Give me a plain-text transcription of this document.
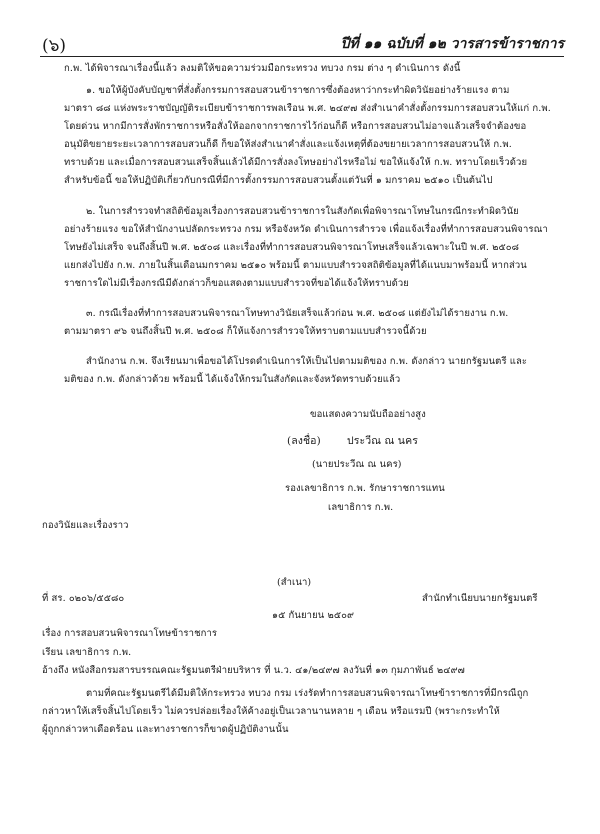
(๖)	ปีที่ ๑๑ ฉบับที่ ๑๒ วารสารข้าราชการ
ก.พ. ได้พิจารณาเรื่องนี้แล้ว ลงมติให้ขอความร่วมมือกระทรวง ทบวง กรม ต่าง ๆ ดำเนินการ ดังนี้
๑. ขอให้ผู้บังคับบัญชาที่สั่งตั้งกรรมการสอบสวนข้าราชการซึ่งต้องหาว่ากระทำผิดวินัยอย่างร้ายแรง ตาม
มาตรา ๘๘ แห่งพระราชบัญญัติระเบียบข้าราชการพลเรือน พ.ศ. ๒๔๙๗ ส่งสำเนาคำสั่งตั้งกรรมการสอบสวนให้แก่ ก.พ.
โดยด่วน หากมีการสั่งพักราชการหรือสั่งให้ออกจากราชการไว้ก่อนก็ดี หรือการสอบสวนไม่อาจแล้วเสร็จจำต้องขอ
อนุมัติขยายระยะเวลาการสอบสวนก็ดี ก็ขอให้ส่งสำเนาคำสั่งและแจ้งเหตุที่ต้องขยายเวลาการสอบสวนให้ ก.พ.
ทราบด้วย และเมื่อการสอบสวนเสร็จสิ้นแล้วได้มีการสั่งลงโทษอย่างไรหรือไม่ ขอให้แจ้งให้ ก.พ. ทราบโดยเร็วด้วย
สำหรับข้อนี้ ขอให้ปฏิบัติเกี่ยวกับกรณีที่มีการตั้งกรรมการสอบสวนตั้งแต่วันที่ ๑ มกราคม ๒๕๑๐ เป็นต้นไป
๒. ในการสำรวจทำสถิติข้อมูลเรื่องการสอบสวนข้าราชการในสังกัดเพื่อพิจารณาโทษในกรณีกระทำผิดวินัย
อย่างร้ายแรง ขอให้สำนักงานปลัดกระทรวง กรม หรือจังหวัด ดำเนินการสำรวจ เพื่อแจ้งเรื่องที่ทำการสอบสวนพิจารณา
โทษยังไม่เสร็จ จนถึงสิ้นปี พ.ศ. ๒๕๐๘ และเรื่องที่ทำการสอบสวนพิจารณาโทษเสร็จแล้วเฉพาะในปี พ.ศ. ๒๕๐๘
แยกส่งไปยัง ก.พ. ภายในสิ้นเดือนมกราคม ๒๕๑๐ พร้อมนี้ ตามแบบสำรวจสถิติข้อมูลที่ได้แนบมาพร้อมนี้ หากส่วน
ราชการใดไม่มีเรื่องกรณีมีดังกล่าวก็ขอแสดงตามแบบสำรวจที่ขอได้แจ้งให้ทราบด้วย
๓. กรณีเรื่องที่ทำการสอบสวนพิจารณาโทษทางวินัยเสร็จแล้วก่อน พ.ศ. ๒๕๐๘ แต่ยังไม่ได้รายงาน ก.พ.
ตามมาตรา ๙๖ จนถึงสิ้นปี พ.ศ. ๒๕๐๘ ก็ให้แจ้งการสำรวจให้ทราบตามแบบสำรวจนี้ด้วย
สำนักงาน ก.พ. จึงเรียนมาเพื่อขอได้โปรดดำเนินการให้เป็นไปตามมติของ ก.พ. ดังกล่าว นายกรัฐมนตรี และ
มติของ ก.พ. ดังกล่าวด้วย พร้อมนี้ ได้แจ้งให้กรมในสังกัดและจังหวัดทราบด้วยแล้ว
ขอแสดงความนับถืออย่างสูง
(ลงชื่อ) ประวีณ ณ นคร
(นายประวีณ ณ นคร)
รองเลขาธิการ ก.พ. รักษาราชการแทน
เลขาธิการ ก.พ.
กองวินัยและเรื่องราว
(สำเนา)
ที่ สร. ๐๒๐๖/๕๕๘๐	สำนักทำเนียบนายกรัฐมนตรี
๑๕ กันยายน ๒๕๐๙
เรื่อง การสอบสวนพิจารณาโทษข้าราชการ
เรียน เลขาธิการ ก.พ.
อ้างถึง หนังสือกรมสารบรรณคณะรัฐมนตรีฝ่ายบริหาร ที่ น.ว. ๔๑/๒๔๙๗ ลงวันที่ ๑๓ กุมภาพันธ์ ๒๔๙๗
ตามที่คณะรัฐมนตรีได้มีมติให้กระทรวง ทบวง กรม เร่งรัดทำการสอบสวนพิจารณาโทษข้าราชการที่มีกรณีถูก
กล่าวหาให้เสร็จสิ้นไปโดยเร็ว ไม่ควรปล่อยเรื่องให้ค้างอยู่เป็นเวลานานหลาย ๆ เดือน หรือแรมปี (พราะกระทำให้
ผู้ถูกกล่าวหาเดือดร้อน และทางราชการก็ขาดผู้ปฏิบัติงานนั้น
